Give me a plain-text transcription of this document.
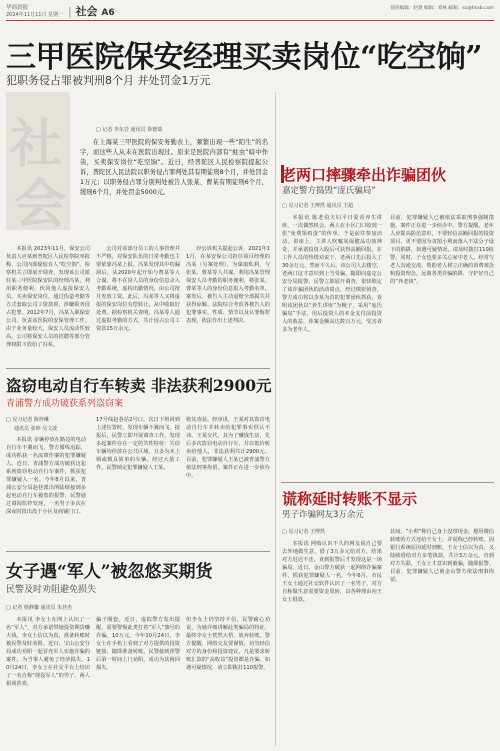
华商晨报
2024年11月11日 星期一 | 社会 A6	值班编辑：赵晨 编辑：邓林 邮箱：sc@hsxb.com
三甲医院保安经理买卖岗位“吃空饷”
犯职务侵占罪被判刑8个月 并处罚金1万元
社
会
□ 记者 李东岩 通讯员 徐德瑞
在上海某三甲医院的保安务勤表上，频繁出现一些“陌生”的名字，而这些人从未在医院出现过。原来是医院内部有“蛀虫”暗中作祟，买卖保安岗位“吃空饷”。近日，经普陀区人民检察院提起公诉，普陀区人民法院以职务侵占罪判处其有期徒刑8个月，并处罚金1万元；以职务侵占罪分别判处被告人张某、曹某有期徒刑6个月，缓刑6个月，并处罚金5000元。
本报讯 2023年11月，保安公司负责人应某到普陀区人民检察院举报称，公司内部疑似有人“吃空饷”。检察机关立即展开调查，发现该公司派驻某三甲医院保安队的经理冯某，利用职务便利，伙同他人虚报保安人员、买卖保安岗位，通过伪造考勤等方式套取公司工资款项，涉嫌职务侵占犯罪。2012年7月，冯某入职保安公司，负责该医院的安保管理工作。由于业务量较大，保安人员流动性较高，公司将保安人员的招聘等部分管理权限下放给了冯某。
公司对该部分员工的人事管理并不严格，对保安队伍的日常考勤也主要依靠冯某上报。冯某发现其中的漏洞后，从2020年起开始与曹某等人合谋，将不在岗人员的身份信息录入考勤系统，虚构出勤情况，由公司按月发放工资。此后，冯某等人又将虚报的保安岗位有偿转让，从中收取好处费。据检察机关查明，冯某等人通过虚报考勤的方式，共计侵占公司工资款15万余元。
经公诉机关提起公诉，2021年11月，在某安保公司担任项目经理的冯某（另案处理），为谋取私利，与张某、曹某等人共谋，利用冯某管理保安人员考勤的职务便利，将张某、曹某等人的身份信息报入考勤名单。案发后，被告人主动退赔全部损失并获得谅解。法院综合考虑各被告人的犯罪事实、性质、情节以及认罪悔罪表现，依法作出上述判决。
老两口摔骤牵出诈骗团伙
嘉定警方捣毁“庞氏骗局”
□ 见习记者 王博然 通讯员 王超
本报讯 陈老伯夫妇平日爱看养生讲座，一次偶然机会，两人在小区门口收到一张“免费领鸡蛋”的传单，于是前往参加活动。讲座上，主讲人吹嘘某保健品功效神奇，并承诺投资入股后可获得高额回报。在工作人员的热情劝说下，老两口先后投入了30余万元。然而不久后，该公司人去楼空，老两口这才意识到上当受骗，随即向嘉定公安分局报警。民警立即展开调查，很快锁定了该诈骗团伙的活动窝点，经过缜密侦查，警方成功将以李某为首的犯罪团伙抓获，查明该团伙以“养生讲座”为幌子，采用“庞氏骗局”手法，用后投资人的本金支付前投资人的收益，涉案金额高达数百万元，受害者多为老年人。
目前，犯罪嫌疑人已被依法采取刑事强制措施，案件正在进一步侦办中。警方提醒，老年人应提高防范意识，不要轻信高额回报的投资项目，更不要因为贪图小利而落入不法分子设下的陷阱，如遇可疑情况，请及时拨打110报警。同时，子女也要多关心家中老人，经常与老人沟通交流，帮助老人树立正确的消费观念和投资理念，远离各类诈骗陷阱，守护好自己的“养老钱”。
盗窃电动自行车转卖 非法获利2900元
青浦警方成功破获系列盗窃案
□ 见习记者 陈梓琳
通讯员 张婷 吴文波
本报讯 多辆停放在路边的电动自行车不翼而飞，警方循线追踪，成功抓获一名流窜作案的犯罪嫌疑人。近日，青浦警方成功破获这起系列盗窃电动自行车案件，抓获犯罪嫌疑人一名。今年8月以来，青浦公安分局赵巷派出所陆续接到多起电动自行车被盗的报警，民警通过调阅监控发现，一名男子多次在深夜时段出没于小区及商铺门口。
17号线赵巷站2号口，次日下班回到上述位置时，发现车辆不翼而飞。接报后，民警立即开展调查工作，发现多起案件存在一定的共性特征：失窃车辆均停放在公共区域、且多为未上锁或锁具简单的车辆。经过大量工作，民警锁定犯罪嫌疑人王某。
将其查获。经审讯，王某对其盗窃电动自行车并转卖的犯罪事实供认不讳。王某交代，其为了赚钱生活，先后多次盗窃电动自行车，并以低价转卖给他人，非法获利共计2900元。目前，犯罪嫌疑人王某已被青浦警方依法刑事拘留，案件正在进一步侦办中。
女子遇“军人”被忽悠买期货
民警及时劝阻避免损失
□ 记者 杨静馨 通讯员 朱佳杰
本报讯 李女士在网上认识了一名“军人”，对方承诺带她投资期货赚大钱，李女士信以为真，准备转账时被民警及时劝阻。近日，宝山公安分局成功劝阻一起冒充军人实施诈骗的案件，为当事人避免了经济损失。10月24日，李女士在社交平台上结识了一名自称“现役军人”的男子，两人相谈甚欢。
骗子圈套。近日，虚拟警方发出提醒，需要警惕此类打着“军人”旗号的诈骗，10万元。今年10月24日，李女士在手机上看到了对方提供的投资链接，随即准备转账。民警接到预警后第一时间上门劝阻，成功为其挽回损失。
但李女士仍坚持不信。民警耐心劝说，为她详细讲解此类骗局的特征，最终李女士恍然大悟，放弃转账。警方提醒，网络交友要谨慎，切勿轻信对方的身份和投资建议，凡是要求转账汇款的“高收益”投资都是诈骗，如遇可疑情况，请立即拨打110报警。
谎称延时转账不显示
男子诈骗网友3万余元
□ 见习记者 王博然
本报讯 网购认识不久的网友说自己要去外地做生意，借了3万多元给对方，结果对方迟迟不还，直到报警后才发现这是一场骗局。近日，金山警方破获一起网络诈骗案件，抓获犯罪嫌疑人一名。今年6月，市民王女士通过社交软件认识了一名男子，对方自称做生意需要资金周转，以各种理由向王女士借款。
其间，“小帅”称自己身上没带现金，想用微信转账的方式还给王女士，并谎称已经转账，因银行系统原因延时到账。王女士信以为真，又陆续借给对方多笔钱款，共计3万余元。直到对方失联，王女士才意识到被骗，随即报警。目前，犯罪嫌疑人已被金山警方依法刑事拘留。
